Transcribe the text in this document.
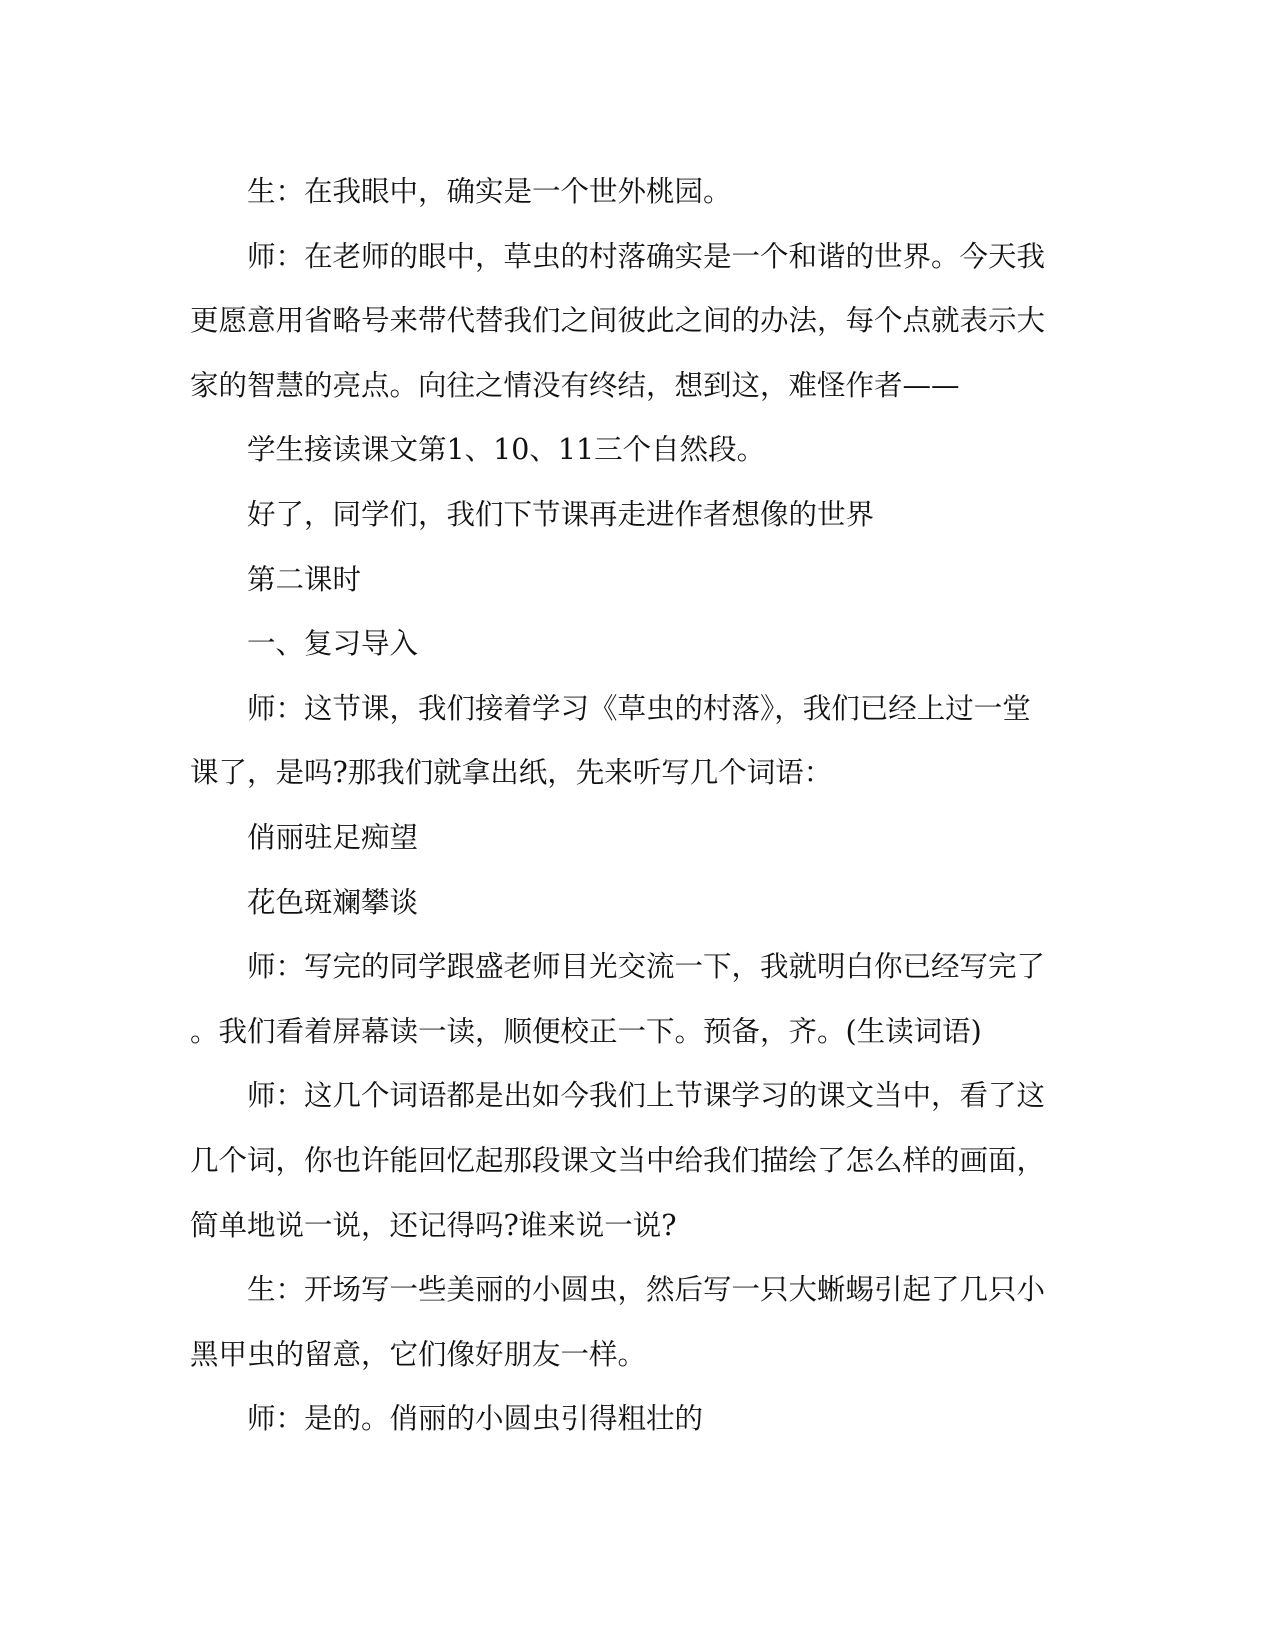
生：在我眼中，确实是一个世外桃园。
师：在老师的眼中，草虫的村落确实是一个和谐的世界。今天我
更愿意用省略号来带代替我们之间彼此之间的办法，每个点就表示大
家的智慧的亮点。向往之情没有终结，想到这，难怪作者——
学生接读课文第1、10、11三个自然段。
好了，同学们，我们下节课再走进作者想像的世界
第二课时
一、复习导入
师：这节课，我们接着学习《草虫的村落》，我们已经上过一堂
课了，是吗?那我们就拿出纸，先来听写几个词语：
俏丽驻足痴望
花色斑斓攀谈
师：写完的同学跟盛老师目光交流一下，我就明白你已经写完了
。我们看着屏幕读一读，顺便校正一下。预备，齐。(生读词语)
师：这几个词语都是出如今我们上节课学习的课文当中，看了这
几个词，你也许能回忆起那段课文当中给我们描绘了怎么样的画面，
简单地说一说，还记得吗?谁来说一说?
生：开场写一些美丽的小圆虫，然后写一只大蜥蜴引起了几只小
黑甲虫的留意，它们像好朋友一样。
师：是的。俏丽的小圆虫引得粗壮的
